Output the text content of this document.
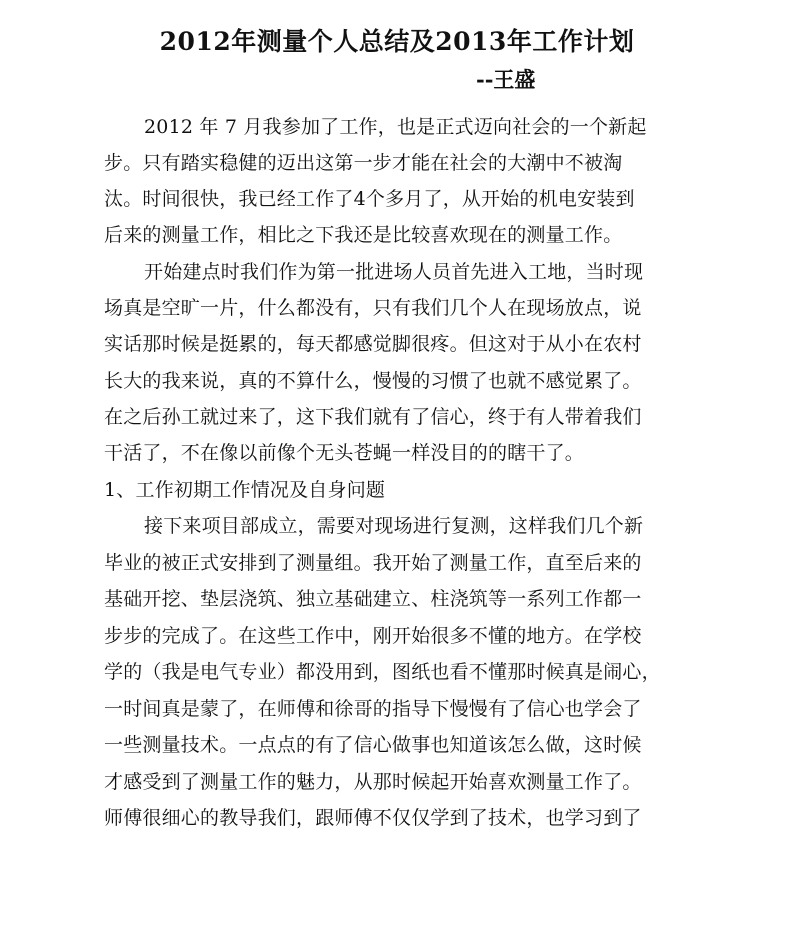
2012年测量个人总结及2013年工作计划
--王盛
2012 年 7 月我参加了工作，也是正式迈向社会的一个新起
步。只有踏实稳健的迈出这第一步才能在社会的大潮中不被淘
汰。时间很快，我已经工作了4个多月了，从开始的机电安装到
后来的测量工作，相比之下我还是比较喜欢现在的测量工作。
开始建点时我们作为第一批进场人员首先进入工地，当时现
场真是空旷一片，什么都没有，只有我们几个人在现场放点，说
实话那时候是挺累的，每天都感觉脚很疼。但这对于从小在农村
长大的我来说，真的不算什么，慢慢的习惯了也就不感觉累了。
在之后孙工就过来了，这下我们就有了信心，终于有人带着我们
干活了，不在像以前像个无头苍蝇一样没目的的瞎干了。
1、工作初期工作情况及自身问题
接下来项目部成立，需要对现场进行复测，这样我们几个新
毕业的被正式安排到了测量组。我开始了测量工作，直至后来的
基础开挖、垫层浇筑、独立基础建立、柱浇筑等一系列工作都一
步步的完成了。在这些工作中，刚开始很多不懂的地方。在学校
学的（我是电气专业）都没用到，图纸也看不懂那时候真是闹心，
一时间真是蒙了，在师傅和徐哥的指导下慢慢有了信心也学会了
一些测量技术。一点点的有了信心做事也知道该怎么做，这时候
才感受到了测量工作的魅力，从那时候起开始喜欢测量工作了。
师傅很细心的教导我们，跟师傅不仅仅学到了技术，也学习到了
